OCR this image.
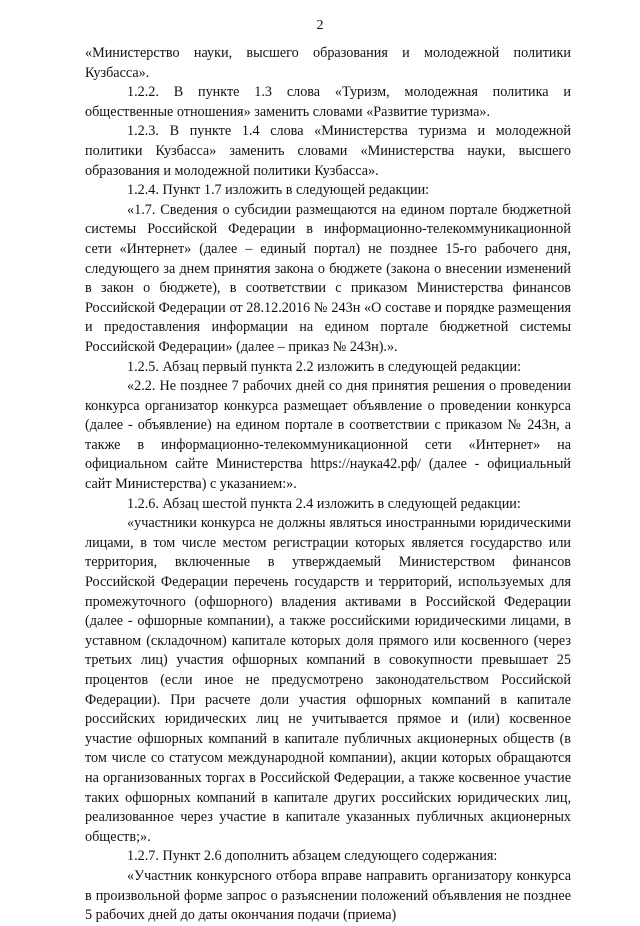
2

«Министерство науки, высшего образования и молодежной политики Кузбасса».

1.2.2. В пункте 1.3 слова «Туризм, молодежная политика и общественные отношения» заменить словами «Развитие туризма».

1.2.3. В пункте 1.4 слова «Министерства туризма и молодежной политики Кузбасса» заменить словами «Министерства науки, высшего образования и молодежной политики Кузбасса».

1.2.4. Пункт 1.7 изложить в следующей редакции:

«1.7. Сведения о субсидии размещаются на едином портале бюджетной системы Российской Федерации в информационно-телекоммуникационной сети «Интернет» (далее – единый портал) не позднее 15-го рабочего дня, следующего за днем принятия закона о бюджете (закона о внесении изменений в закон о бюджете), в соответствии с приказом Министерства финансов Российской Федерации от 28.12.2016 № 243н «О составе и порядке размещения и предоставления информации на едином портале бюджетной системы Российской Федерации» (далее – приказ № 243н).».

1.2.5. Абзац первый пункта 2.2 изложить в следующей редакции:

«2.2. Не позднее 7 рабочих дней со дня принятия решения о проведении конкурса организатор конкурса размещает объявление о проведении конкурса (далее - объявление) на едином портале в соответствии с приказом № 243н, а также в информационно-телекоммуникационной сети «Интернет» на официальном сайте Министерства https://наука42.рф/ (далее - официальный сайт Министерства) с указанием:».

1.2.6. Абзац шестой пункта 2.4 изложить в следующей редакции:

«участники конкурса не должны являться иностранными юридическими лицами, в том числе местом регистрации которых является государство или территория, включенные в утверждаемый Министерством финансов Российской Федерации перечень государств и территорий, используемых для промежуточного (офшорного) владения активами в Российской Федерации (далее - офшорные компании), а также российскими юридическими лицами, в уставном (складочном) капитале которых доля прямого или косвенного (через третьих лиц) участия офшорных компаний в совокупности превышает 25 процентов (если иное не предусмотрено законодательством Российской Федерации). При расчете доли участия офшорных компаний в капитале российских юридических лиц не учитывается прямое и (или) косвенное участие офшорных компаний в капитале публичных акционерных обществ (в том числе со статусом международной компании), акции которых обращаются на организованных торгах в Российской Федерации, а также косвенное участие таких офшорных компаний в капитале других российских юридических лиц, реализованное через участие в капитале указанных публичных акционерных обществ;».

1.2.7. Пункт 2.6 дополнить абзацем следующего содержания:

«Участник конкурсного отбора вправе направить организатору конкурса в произвольной форме запрос о разъяснении положений объявления не позднее 5 рабочих дней до даты окончания подачи (приема)
